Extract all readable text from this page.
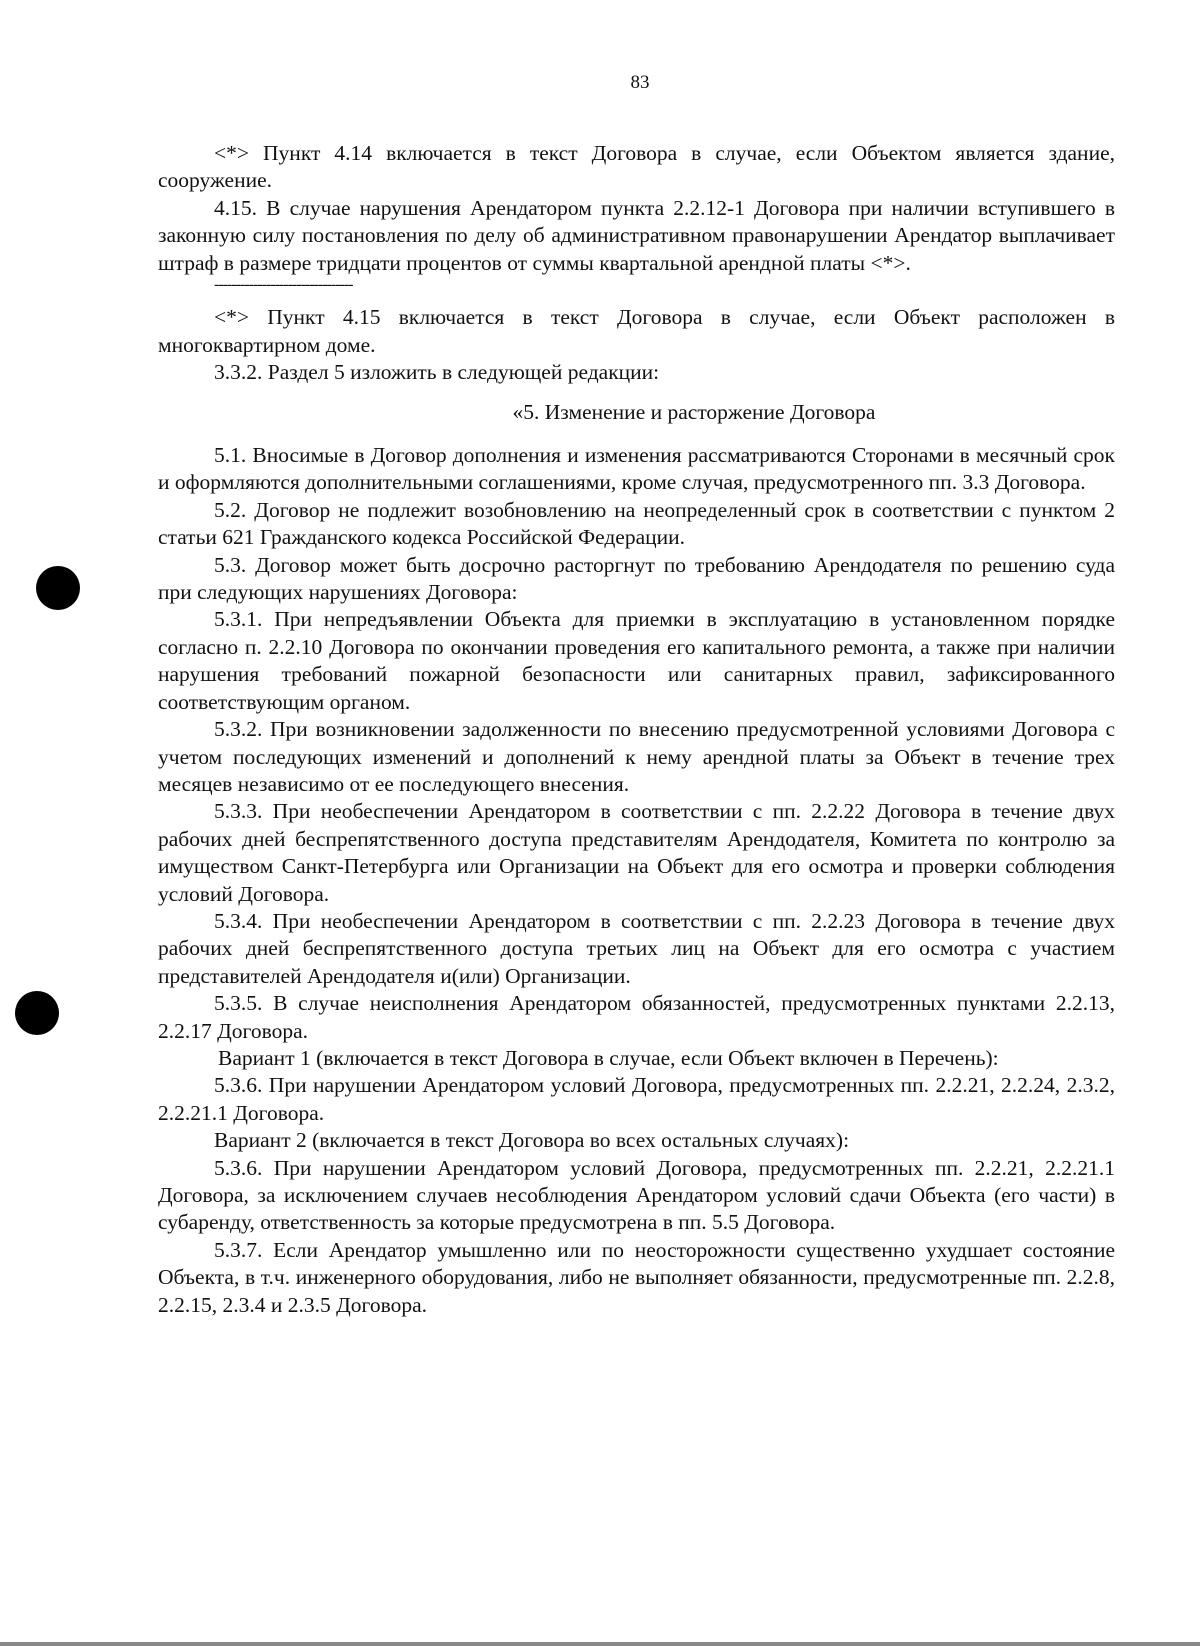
83

<*> Пункт 4.14 включается в текст Договора в случае, если Объектом является здание, сооружение.

4.15. В случае нарушения Арендатором пункта 2.2.12-1 Договора при наличии вступившего в законную силу постановления по делу об административном правонарушении Арендатор выплачивает штраф в размере тридцати процентов от суммы квартальной арендной платы <*>.

--------------------------------

<*> Пункт 4.15 включается в текст Договора в случае, если Объект расположен в многоквартирном доме.

3.3.2. Раздел 5 изложить в следующей редакции:

«5. Изменение и расторжение Договора

5.1. Вносимые в Договор дополнения и изменения рассматриваются Сторонами в месячный срок и оформляются дополнительными соглашениями, кроме случая, предусмотренного пп. 3.3 Договора.

5.2. Договор не подлежит возобновлению на неопределенный срок в соответствии с пунктом 2 статьи 621 Гражданского кодекса Российской Федерации.

5.3. Договор может быть досрочно расторгнут по требованию Арендодателя по решению суда при следующих нарушениях Договора:

5.3.1. При непредъявлении Объекта для приемки в эксплуатацию в установленном порядке согласно п. 2.2.10 Договора по окончании проведения его капитального ремонта, а также при наличии нарушения требований пожарной безопасности или санитарных правил, зафиксированного соответствующим органом.

5.3.2. При возникновении задолженности по внесению предусмотренной условиями Договора с учетом последующих изменений и дополнений к нему арендной платы за Объект в течение трех месяцев независимо от ее последующего внесения.

5.3.3. При необеспечении Арендатором в соответствии с пп. 2.2.22 Договора в течение двух рабочих дней беспрепятственного доступа представителям Арендодателя, Комитета по контролю за имуществом Санкт-Петербурга или Организации на Объект для его осмотра и проверки соблюдения условий Договора.

5.3.4. При необеспечении Арендатором в соответствии с пп. 2.2.23 Договора в течение двух рабочих дней беспрепятственного доступа третьих лиц на Объект для его осмотра с участием представителей Арендодателя и(или) Организации.

5.3.5. В случае неисполнения Арендатором обязанностей, предусмотренных пунктами 2.2.13, 2.2.17 Договора.

Вариант 1 (включается в текст Договора в случае, если Объект включен в Перечень):

5.3.6. При нарушении Арендатором условий Договора, предусмотренных пп. 2.2.21, 2.2.24, 2.3.2, 2.2.21.1 Договора.

Вариант 2 (включается в текст Договора во всех остальных случаях):

5.3.6. При нарушении Арендатором условий Договора, предусмотренных пп. 2.2.21, 2.2.21.1 Договора, за исключением случаев несоблюдения Арендатором условий сдачи Объекта (его части) в субаренду, ответственность за которые предусмотрена в пп. 5.5 Договора.

5.3.7. Если Арендатор умышленно или по неосторожности существенно ухудшает состояние Объекта, в т.ч. инженерного оборудования, либо не выполняет обязанности, предусмотренные пп. 2.2.8, 2.2.15, 2.3.4 и 2.3.5 Договора.
